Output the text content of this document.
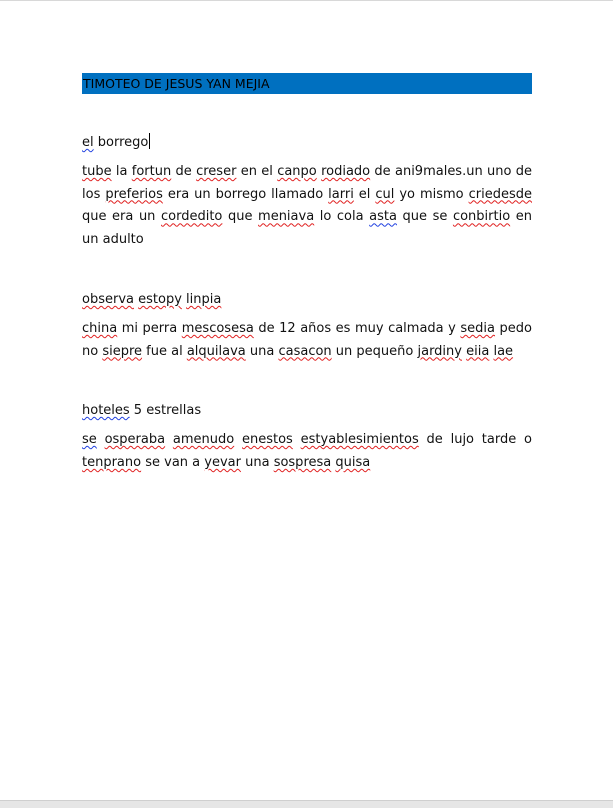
TIMOTEO DE JESUS YAN MEJIA
el borrego
tube la fortun de creser en el canpo rodiado de ani9males.un uno de los preferios era un borrego llamado larri el cul yo mismo criedesde que era un cordedito que meniava lo cola asta que se conbirtio en un adulto
observa estopy linpia
china mi perra mescosesa de 12 años es muy calmada y sedia pedo no siepre fue al alquilava una casacon un pequeño jardiny eiia lae
hoteles 5 estrellas
se osperaba amenudo enestos estyablesimientos de lujo tarde o tenprano se van a yevar una sospresa quisa
